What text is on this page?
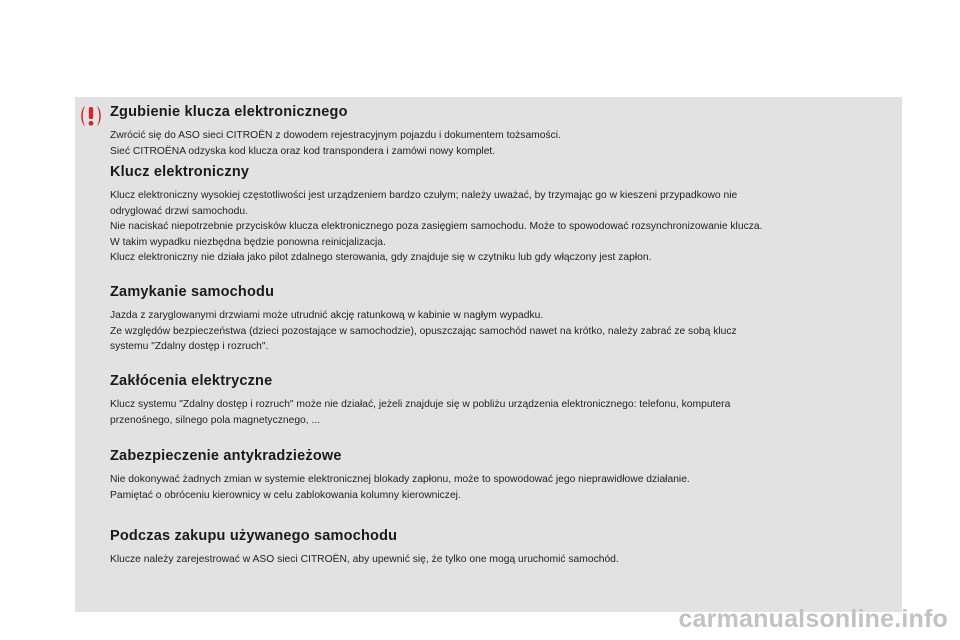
Zgubienie klucza elektronicznego

Zwrócić się do ASO sieci CITROËN z dowodem rejestracyjnym pojazdu i dokumentem tożsamości.
Sieć CITROËNA odzyska kod klucza oraz kod transpondera i zamówi nowy komplet.

Klucz elektroniczny

Klucz elektroniczny wysokiej częstotliwości jest urządzeniem bardzo czułym; należy uważać, by trzymając go w kieszeni przypadkowo nie
odryglować drzwi samochodu.
Nie naciskać niepotrzebnie przycisków klucza elektronicznego poza zasięgiem samochodu. Może to spowodować rozsynchronizowanie klucza.
W takim wypadku niezbędna będzie ponowna reinicjalizacja.
Klucz elektroniczny nie działa jako pilot zdalnego sterowania, gdy znajduje się w czytniku lub gdy włączony jest zapłon.

Zamykanie samochodu

Jazda z zaryglowanymi drzwiami może utrudnić akcję ratunkową w kabinie w nagłym wypadku.
Ze względów bezpieczeństwa (dzieci pozostające w samochodzie), opuszczając samochód nawet na krótko, należy zabrać ze sobą klucz
systemu "Zdalny dostęp i rozruch".

Zakłócenia elektryczne

Klucz systemu "Zdalny dostęp i rozruch" może nie działać, jeżeli znajduje się w pobliżu urządzenia elektronicznego: telefonu, komputera
przenośnego, silnego pola magnetycznego, ...

Zabezpieczenie antykradzieżowe

Nie dokonywać żadnych zmian w systemie elektronicznej blokady zapłonu, może to spowodować jego nieprawidłowe działanie.
Pamiętać o obróceniu kierownicy w celu zablokowania kolumny kierowniczej.

Podczas zakupu używanego samochodu

Klucze należy zarejestrować w ASO sieci CITROËN, aby upewnić się, że tylko one mogą uruchomić samochód.

carmanualsonline.info
